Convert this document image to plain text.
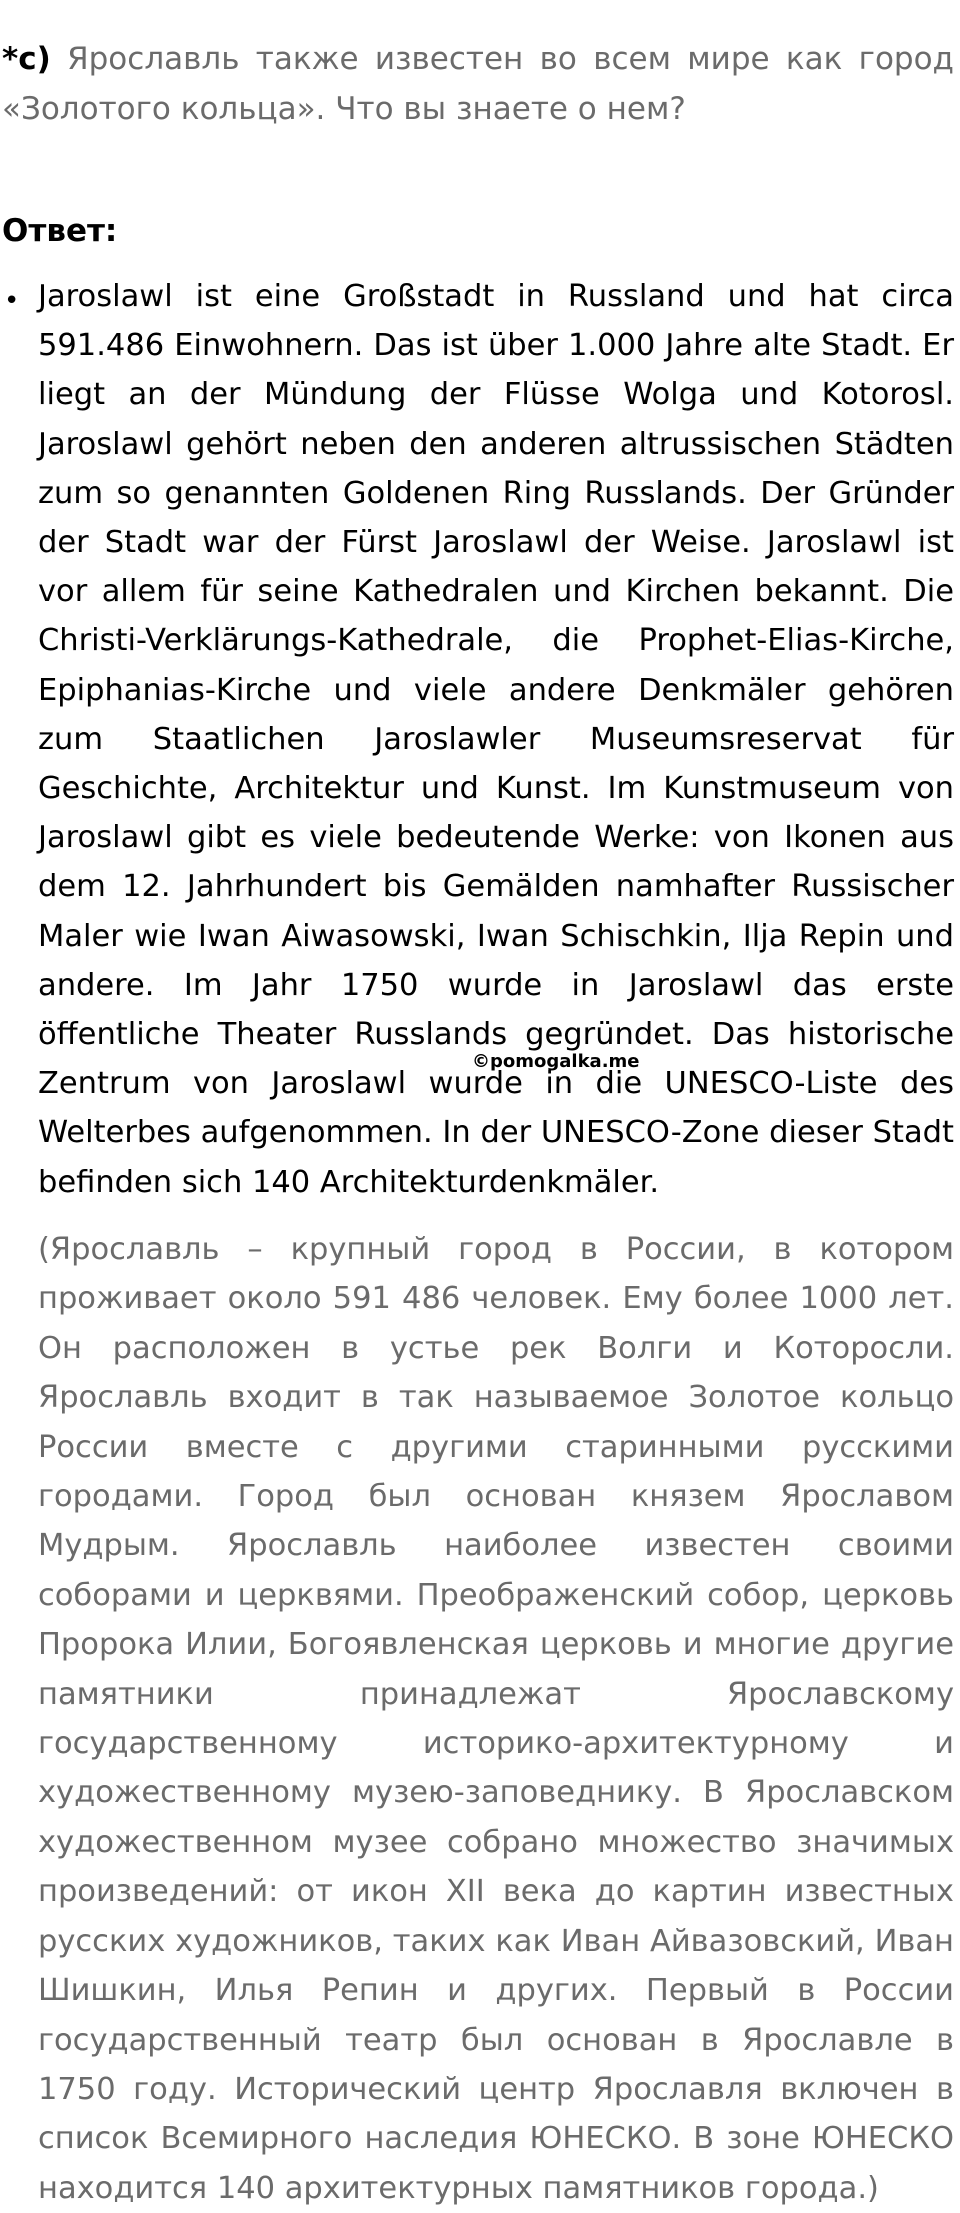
*c) Ярославль также известен во всем мире как город «Золотого кольца». Что вы знаете о нем?
Ответ:
• Jaroslawl ist eine Großstadt in Russland und hat circa 591.486 Einwohnern. Das ist über 1.000 Jahre alte Stadt. Er liegt an der Mündung der Flüsse Wolga und Kotorosl. Jaroslawl gehört neben den anderen altrussischen Städten zum so genannten Goldenen Ring Russlands. Der Gründer der Stadt war der Fürst Jaroslawl der Weise. Jaroslawl ist vor allem für seine Kathedralen und Kirchen bekannt. Die Christi-Verklärungs-Kathedrale, die Prophet-Elias-Kirche, Epiphanias-Kirche und viele andere Denkmäler gehören zum Staatlichen Jaroslawler Museumsreservat für Geschichte, Architektur und Kunst. Im Kunstmuseum von Jaroslawl gibt es viele bedeutende Werke: von Ikonen aus dem 12. Jahrhundert bis Gemälden namhafter Russischer Maler wie Iwan Aiwasowski, Iwan Schischkin, Ilja Repin und andere. Im Jahr 1750 wurde in Jaroslawl das erste öffentliche Theater Russlands gegründet. Das historische Zentrum von Jaroslawl wurde in die UNESCO-Liste des Welterbes aufgenommen. In der UNESCO-Zone dieser Stadt befinden sich 140 Architekturdenkmäler.
©pomogalka.me
(Ярославль – крупный город в России, в котором проживает около 591 486 человек. Ему более 1000 лет. Он расположен в устье рек Волги и Которосли. Ярославль входит в так называемое Золотое кольцо России вместе с другими старинными русскими городами. Город был основан князем Ярославом Мудрым. Ярославль наиболее известен своими соборами и церквями. Преображенский собор, церковь Пророка Илии, Богоявленская церковь и многие другие памятники принадлежат Ярославскому государственному историко-архитектурному и художественному музею-заповеднику. В Ярославском художественном музее собрано множество значимых произведений: от икон XII века до картин известных русских художников, таких как Иван Айвазовский, Иван Шишкин, Илья Репин и других. Первый в России государственный театр был основан в Ярославле в 1750 году. Исторический центр Ярославля включен в список Всемирного наследия ЮНЕСКО. В зоне ЮНЕСКО находится 140 архитектурных памятников города.)
